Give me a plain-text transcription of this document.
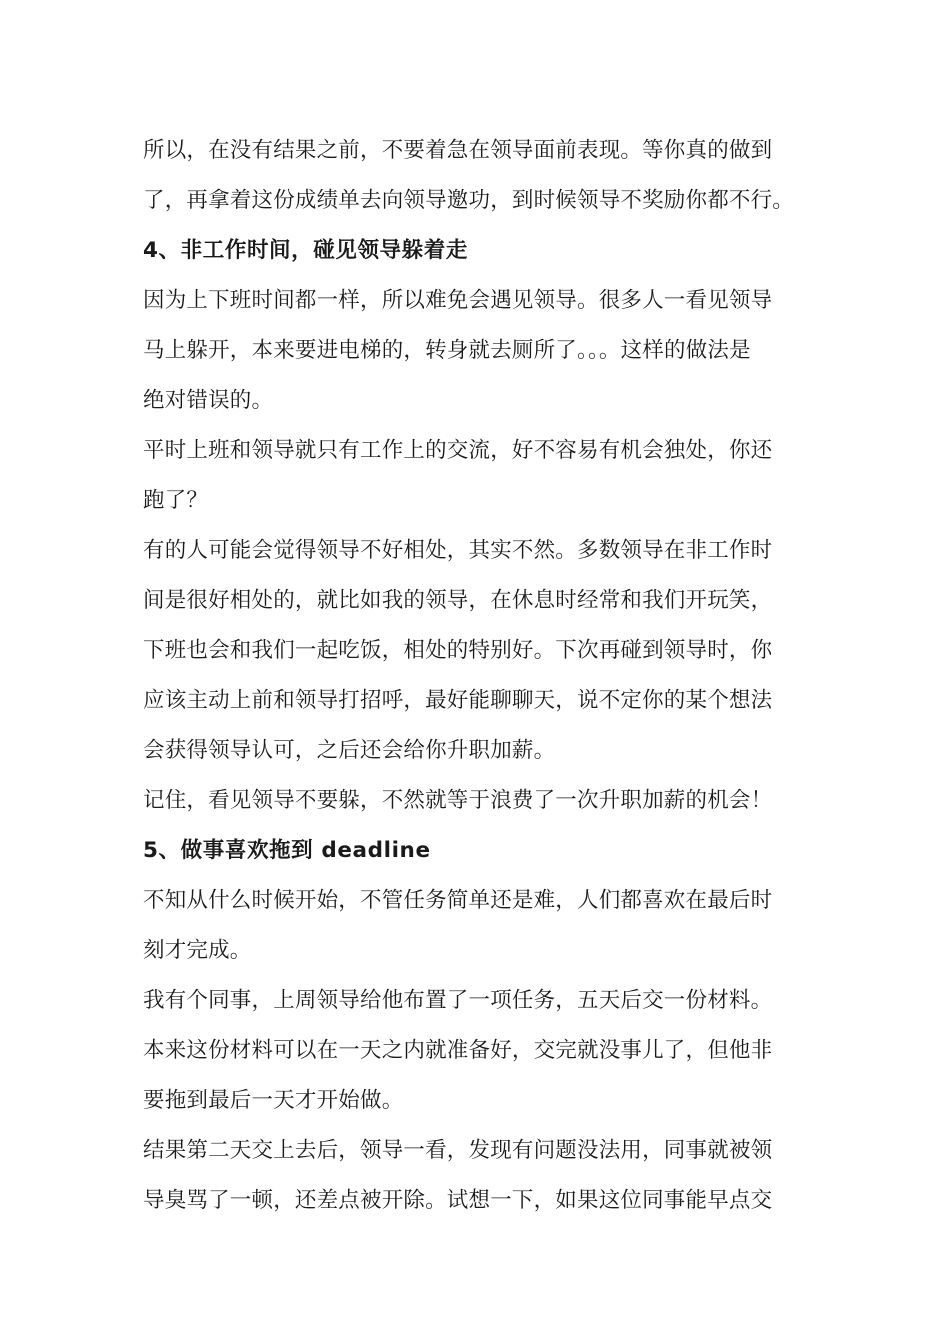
所以，在没有结果之前，不要着急在领导面前表现。等你真的做到
了，再拿着这份成绩单去向领导邀功，到时候领导不奖励你都不行。
4、非工作时间，碰见领导躲着走
因为上下班时间都一样，所以难免会遇见领导。很多人一看见领导
马上躲开，本来要进电梯的，转身就去厕所了。。。这样的做法是
绝对错误的。
平时上班和领导就只有工作上的交流，好不容易有机会独处，你还
跑了？
有的人可能会觉得领导不好相处，其实不然。多数领导在非工作时
间是很好相处的，就比如我的领导，在休息时经常和我们开玩笑，
下班也会和我们一起吃饭，相处的特别好。下次再碰到领导时，你
应该主动上前和领导打招呼，最好能聊聊天，说不定你的某个想法
会获得领导认可，之后还会给你升职加薪。
记住，看见领导不要躲，不然就等于浪费了一次升职加薪的机会！
5、做事喜欢拖到 deadline
不知从什么时候开始，不管任务简单还是难，人们都喜欢在最后时
刻才完成。
我有个同事，上周领导给他布置了一项任务，五天后交一份材料。
本来这份材料可以在一天之内就准备好，交完就没事儿了，但他非
要拖到最后一天才开始做。
结果第二天交上去后，领导一看，发现有问题没法用，同事就被领
导臭骂了一顿，还差点被开除。试想一下，如果这位同事能早点交
